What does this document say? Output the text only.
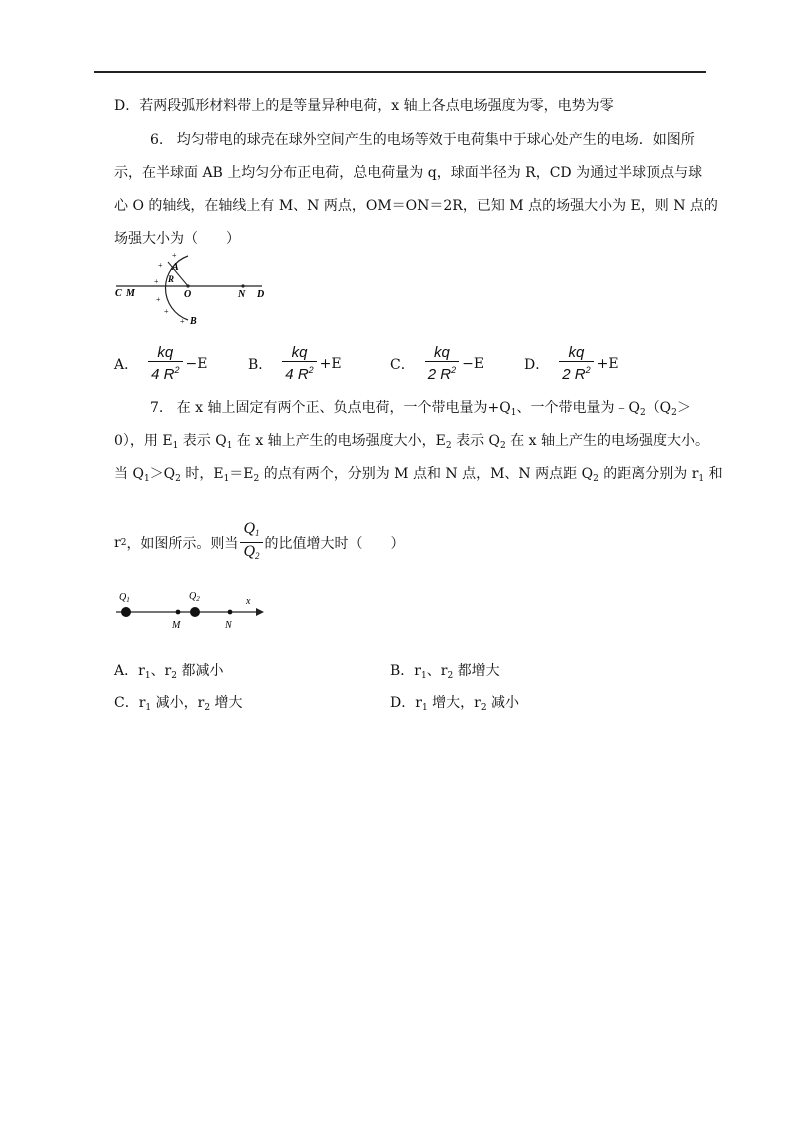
D．若两段弧形材料带上的是等量异种电荷，x 轴上各点电场强度为零，电势为零
6. 均匀带电的球壳在球外空间产生的电场等效于电荷集中于球心处产生的电场．如图所
示，在半球面 AB 上均匀分布正电荷，总电荷量为 q，球面半径为 R，CD 为通过半球顶点与球
心 O 的轴线，在轴线上有 M、N 两点，OM＝ON＝2R，已知 M 点的场强大小为 E，则 N 点的
场强大小为（　　）
+
+
+
+
+
+
C M	O	N D
A
B
R
A． $\frac{kq}{4 R^2} -E$	B． $\frac{kq}{4 R^2} +E$	C． $\frac{kq}{2 R^2} -E$	D． $\frac{kq}{2 R^2} +E$
7. 在 x 轴上固定有两个正、负点电荷，一个带电量为$+Q_1$、一个带电量为$﹣Q_2(Q_2>$
0），用 $E_1$ 表示 $Q_1$ 在 x 轴上产生的电场强度大小，$E_2$ 表示 $Q_2$ 在 x 轴上产生的电场强度大小。
当 $Q_1>Q_2$ 时，$E_1=E_2$ 的点有两个，分别为 M 点和 N 点，M、N 两点距 $Q_2$ 的距离分别为 $r_1$ 和
r 2 ，如图所示。则当 $\frac{Q_1}{Q_2}$ 的比值增大时（　　）
$Q_1$	$Q_2$
M	N
x
A．$r_1$、$r_2$ 都减小	B．$r_1$、$r_2$ 都增大
C．$r_1$ 减小，$r_2$ 增大	D．$r_1$ 增大，$r_2$ 减小
